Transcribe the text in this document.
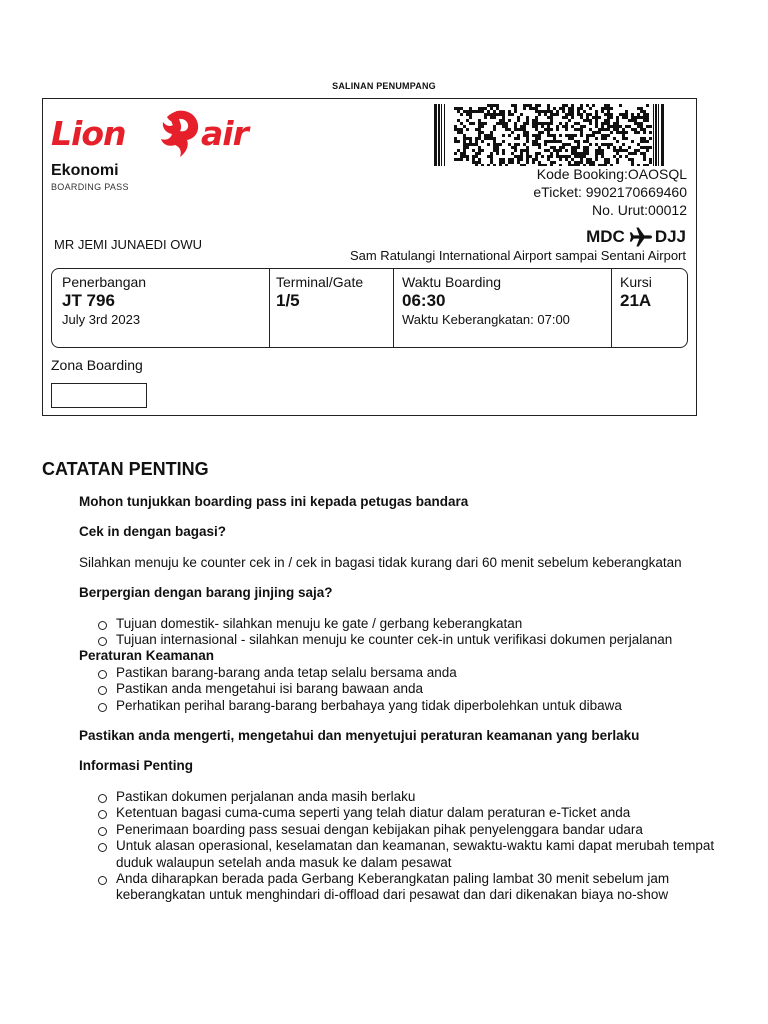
SALINAN PENUMPANG
Lion air
Ekonomi
BOARDING PASS
Kode Booking:OAOSQL
eTicket: 9902170669460
No. Urut:00012
MR JEMI JUNAEDI OWU	MDC DJJ
Sam Ratulangi International Airport sampai Sentani Airport
Penerbangan
JT 796
July 3rd 2023
Terminal/Gate
1/5
Waktu Boarding
06:30
Waktu Keberangkatan: 07:00
Kursi
21A
Zona Boarding
CATATAN PENTING
Mohon tunjukkan boarding pass ini kepada petugas bandara
Cek in dengan bagasi?
Silahkan menuju ke counter cek in / cek in bagasi tidak kurang dari 60 menit sebelum keberangkatan
Berpergian dengan barang jinjing saja?
Tujuan domestik- silahkan menuju ke gate / gerbang keberangkatan
Tujuan internasional - silahkan menuju ke counter cek-in untuk verifikasi dokumen perjalanan
Peraturan Keamanan
Pastikan barang-barang anda tetap selalu bersama anda
Pastikan anda mengetahui isi barang bawaan anda
Perhatikan perihal barang-barang berbahaya yang tidak diperbolehkan untuk dibawa
Pastikan anda mengerti, mengetahui dan menyetujui peraturan keamanan yang berlaku
Informasi Penting
Pastikan dokumen perjalanan anda masih berlaku
Ketentuan bagasi cuma-cuma seperti yang telah diatur dalam peraturan e-Ticket anda
Penerimaan boarding pass sesuai dengan kebijakan pihak penyelenggara bandar udara
Untuk alasan operasional, keselamatan dan keamanan, sewaktu-waktu kami dapat merubah tempat duduk walaupun setelah anda masuk ke dalam pesawat
Anda diharapkan berada pada Gerbang Keberangkatan paling lambat 30 menit sebelum jam keberangkatan untuk menghindari di-offload dari pesawat dan dari dikenakan biaya no-show
